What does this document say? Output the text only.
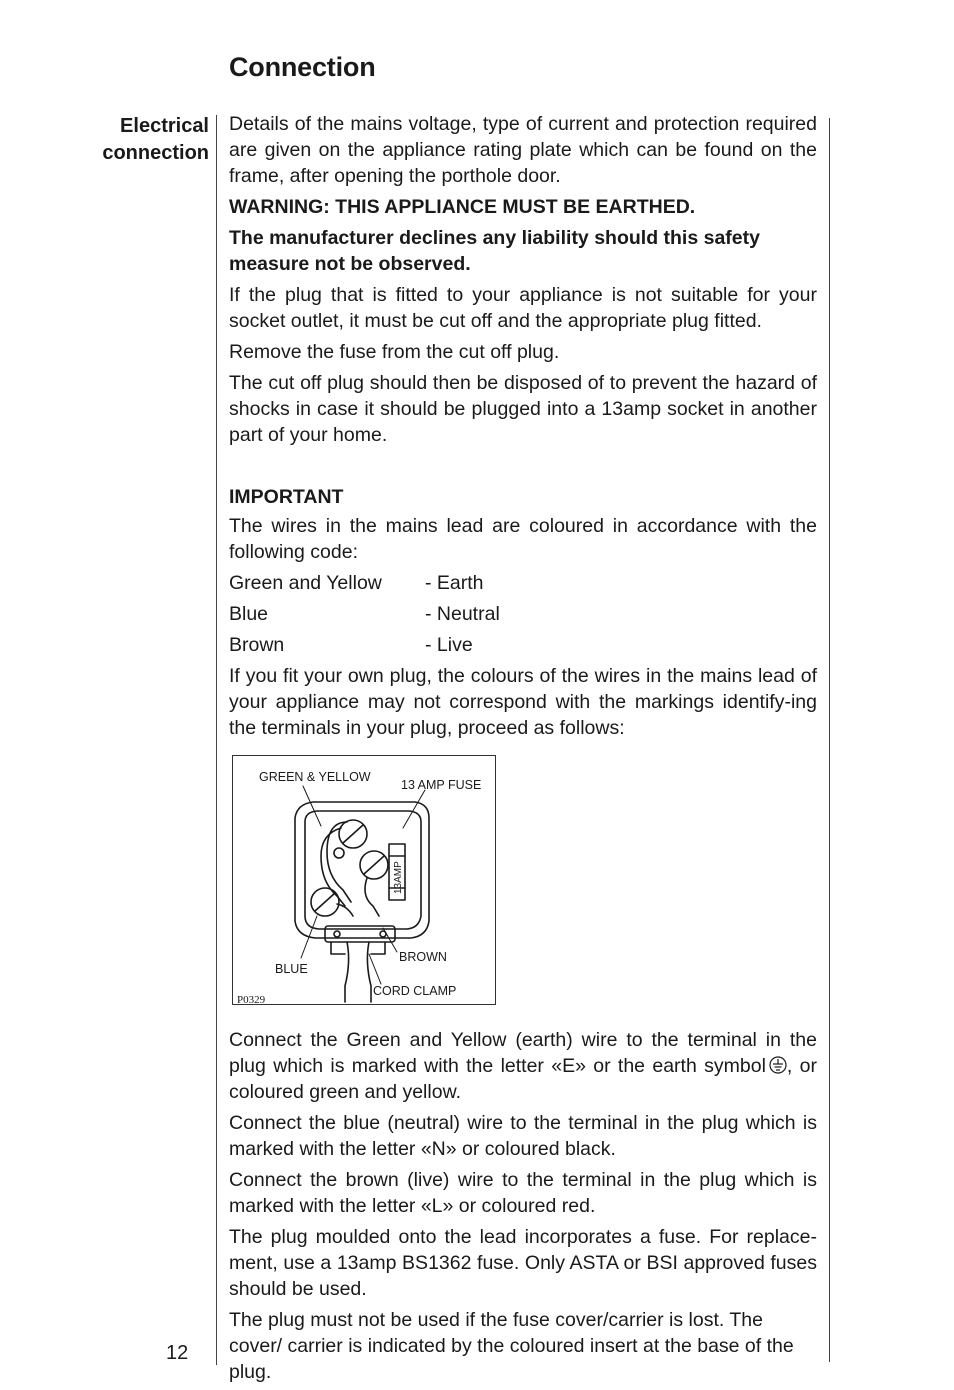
Connection
Electrical
connection

Details of the mains voltage, type of current and protection required are given on the appliance rating plate which can be found on the frame, after opening the porthole door.

WARNING: THIS APPLIANCE MUST BE EARTHED.

The manufacturer declines any liability should this safety measure not be observed.

If the plug that is fitted to your appliance is not suitable for your socket outlet, it must be cut off and the appropriate plug fitted.

Remove the fuse from the cut off plug.

The cut off plug should then be disposed of to prevent the hazard of shocks in case it should be plugged into a 13amp socket in another part of your home.

IMPORTANT

The wires in the mains lead are coloured in accordance with the following code:

Green and Yellow	- Earth
Blue	- Neutral
Brown	- Live

If you fit your own plug, the colours of the wires in the mains lead of your appliance may not correspond with the markings identify-ing the terminals in your plug, proceed as follows:

13AMP
GREEN & YELLOW
13 AMP FUSE
BLUE
BROWN
CORD CLAMP
P0329

Connect the Green and Yellow (earth) wire to the terminal in the plug which is marked with the letter «E» or the earth symbol , or coloured green and yellow.

Connect the blue (neutral) wire to the terminal in the plug which is marked with the letter «N» or coloured black.

Connect the brown (live) wire to the terminal in the plug which is marked with the letter «L» or coloured red.

The plug moulded onto the lead incorporates a fuse. For replace-ment, use a 13amp BS1362 fuse. Only ASTA or BSI approved fuses should be used.

The plug must not be used if the fuse cover/carrier is lost. The cover/ carrier is indicated by the coloured insert at the base of the plug.

12
